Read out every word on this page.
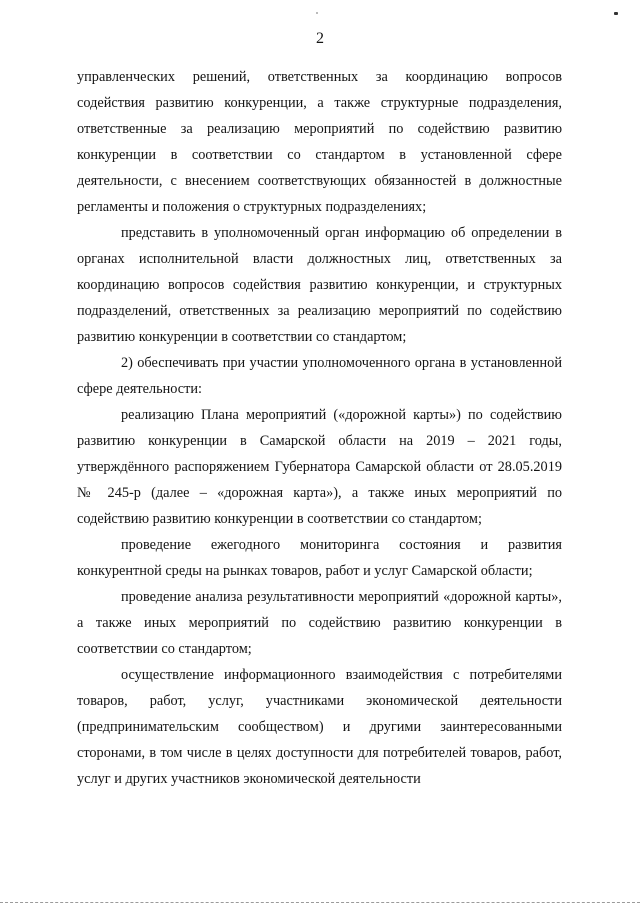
2

управленческих решений, ответственных за координацию вопросов содействия развитию конкуренции, а также структурные подразделения, ответственные за реализацию мероприятий по содействию развитию конкуренции в соответствии со стандартом в установленной сфере деятельности, с внесением соответствующих обязанностей в должностные регламенты и положения о структурных подразделениях;

представить в уполномоченный орган информацию об определении в органах исполнительной власти должностных лиц, ответственных за координацию вопросов содействия развитию конкуренции, и структурных подразделений, ответственных за реализацию мероприятий по содействию развитию конкуренции в соответствии со стандартом;

2) обеспечивать при участии уполномоченного органа в установленной сфере деятельности:

реализацию Плана мероприятий («дорожной карты») по содействию развитию конкуренции в Самарской области на 2019 – 2021 годы, утверждённого распоряжением Губернатора Самарской области от 28.05.2019 № 245-р (далее – «дорожная карта»), а также иных мероприятий по содействию развитию конкуренции в соответствии со стандартом;

проведение ежегодного мониторинга состояния и развития конкурентной среды на рынках товаров, работ и услуг Самарской области;

проведение анализа результативности мероприятий «дорожной карты», а также иных мероприятий по содействию развитию конкуренции в соответствии со стандартом;

осуществление информационного взаимодействия с потребителями товаров, работ, услуг, участниками экономической деятельности (предпринимательским сообществом) и другими заинтересованными сторонами, в том числе в целях доступности для потребителей товаров, работ, услуг и других участников экономической деятельности
